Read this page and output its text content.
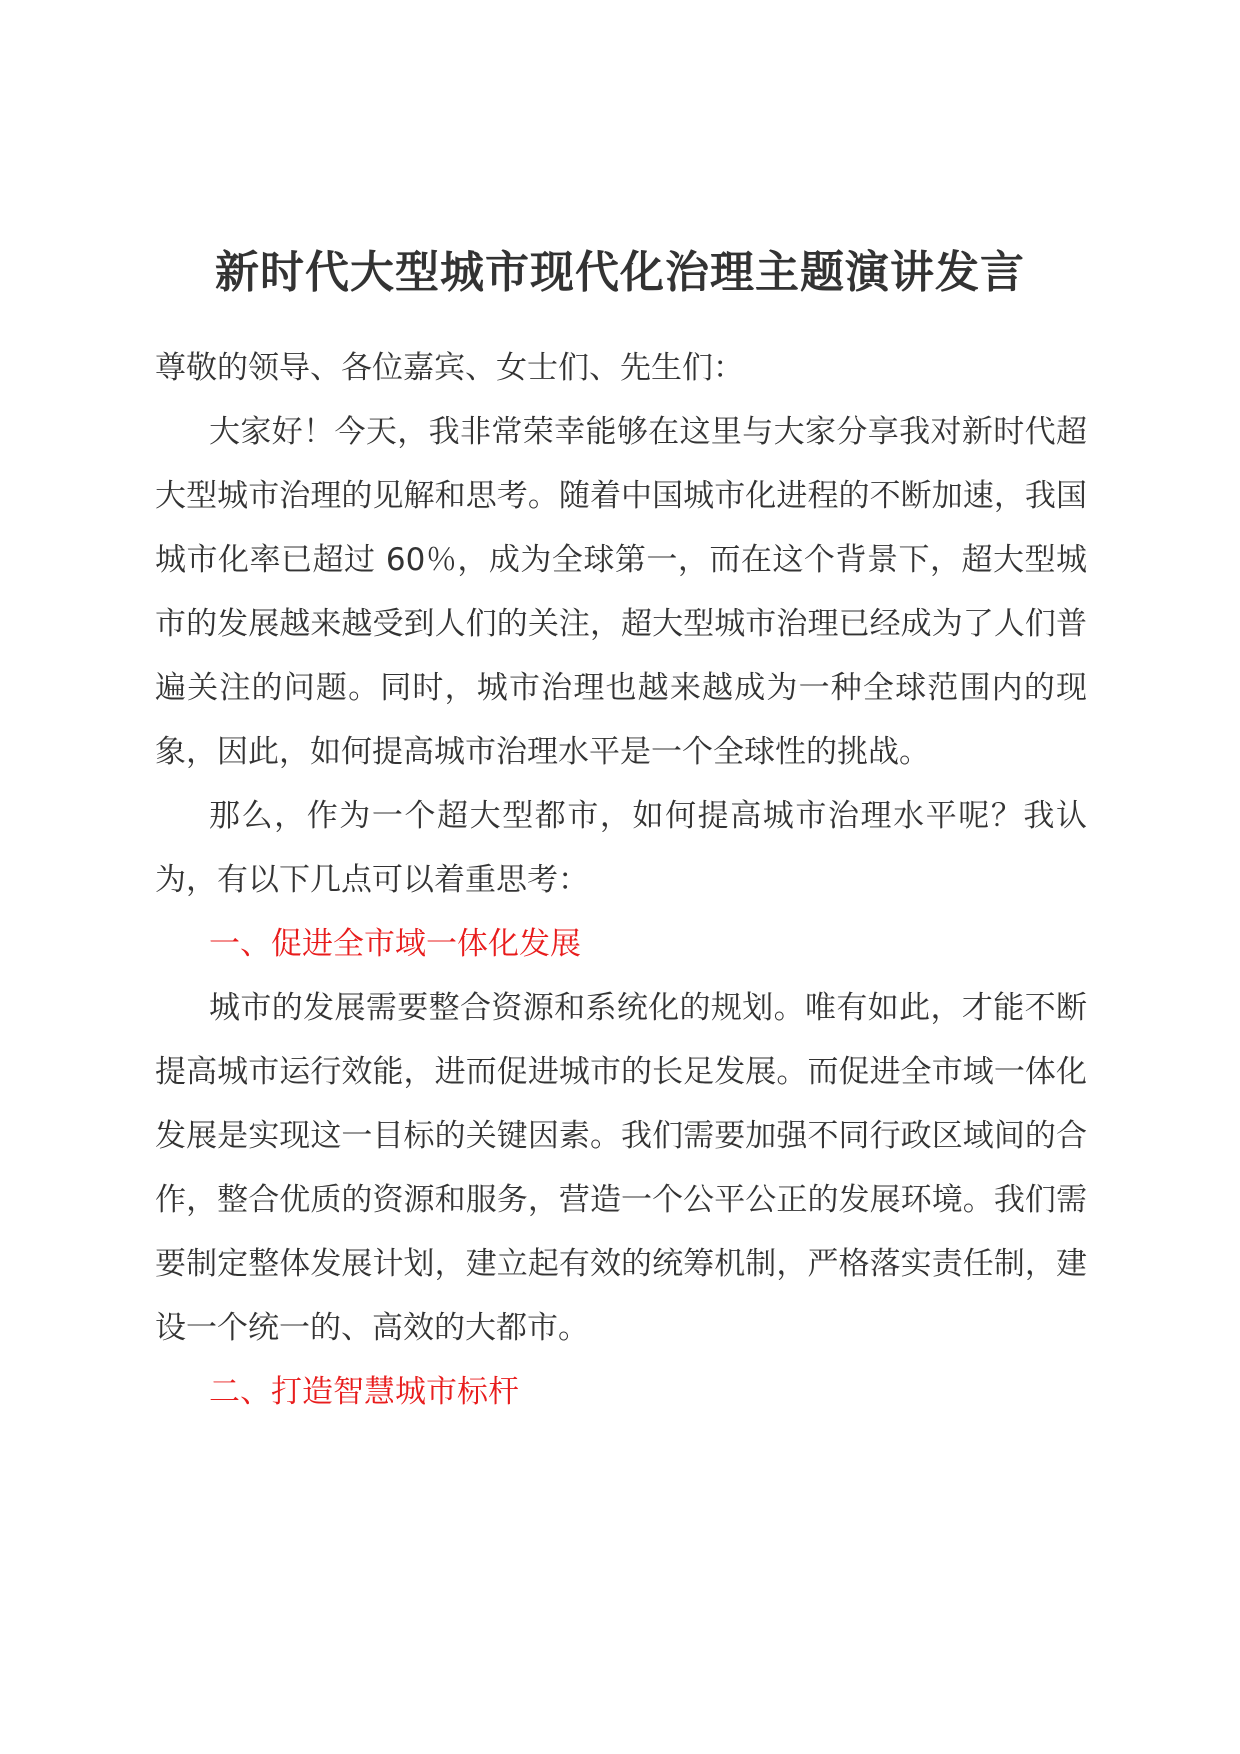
新时代大型城市现代化治理主题演讲发言

尊敬的领导、各位嘉宾、女士们、先生们：

大家好！今天，我非常荣幸能够在这里与大家分享我对新时代超大型城市治理的见解和思考。随着中国城市化进程的不断加速，我国城市化率已超过 60％，成为全球第一，而在这个背景下，超大型城市的发展越来越受到人们的关注，超大型城市治理已经成为了人们普遍关注的问题。同时，城市治理也越来越成为一种全球范围内的现象，因此，如何提高城市治理水平是一个全球性的挑战。

那么，作为一个超大型都市，如何提高城市治理水平呢？我认为，有以下几点可以着重思考：

一、促进全市域一体化发展

城市的发展需要整合资源和系统化的规划。唯有如此，才能不断提高城市运行效能，进而促进城市的长足发展。而促进全市域一体化发展是实现这一目标的关键因素。我们需要加强不同行政区域间的合作，整合优质的资源和服务，营造一个公平公正的发展环境。我们需要制定整体发展计划，建立起有效的统筹机制，严格落实责任制，建设一个统一的、高效的大都市。

二、打造智慧城市标杆
